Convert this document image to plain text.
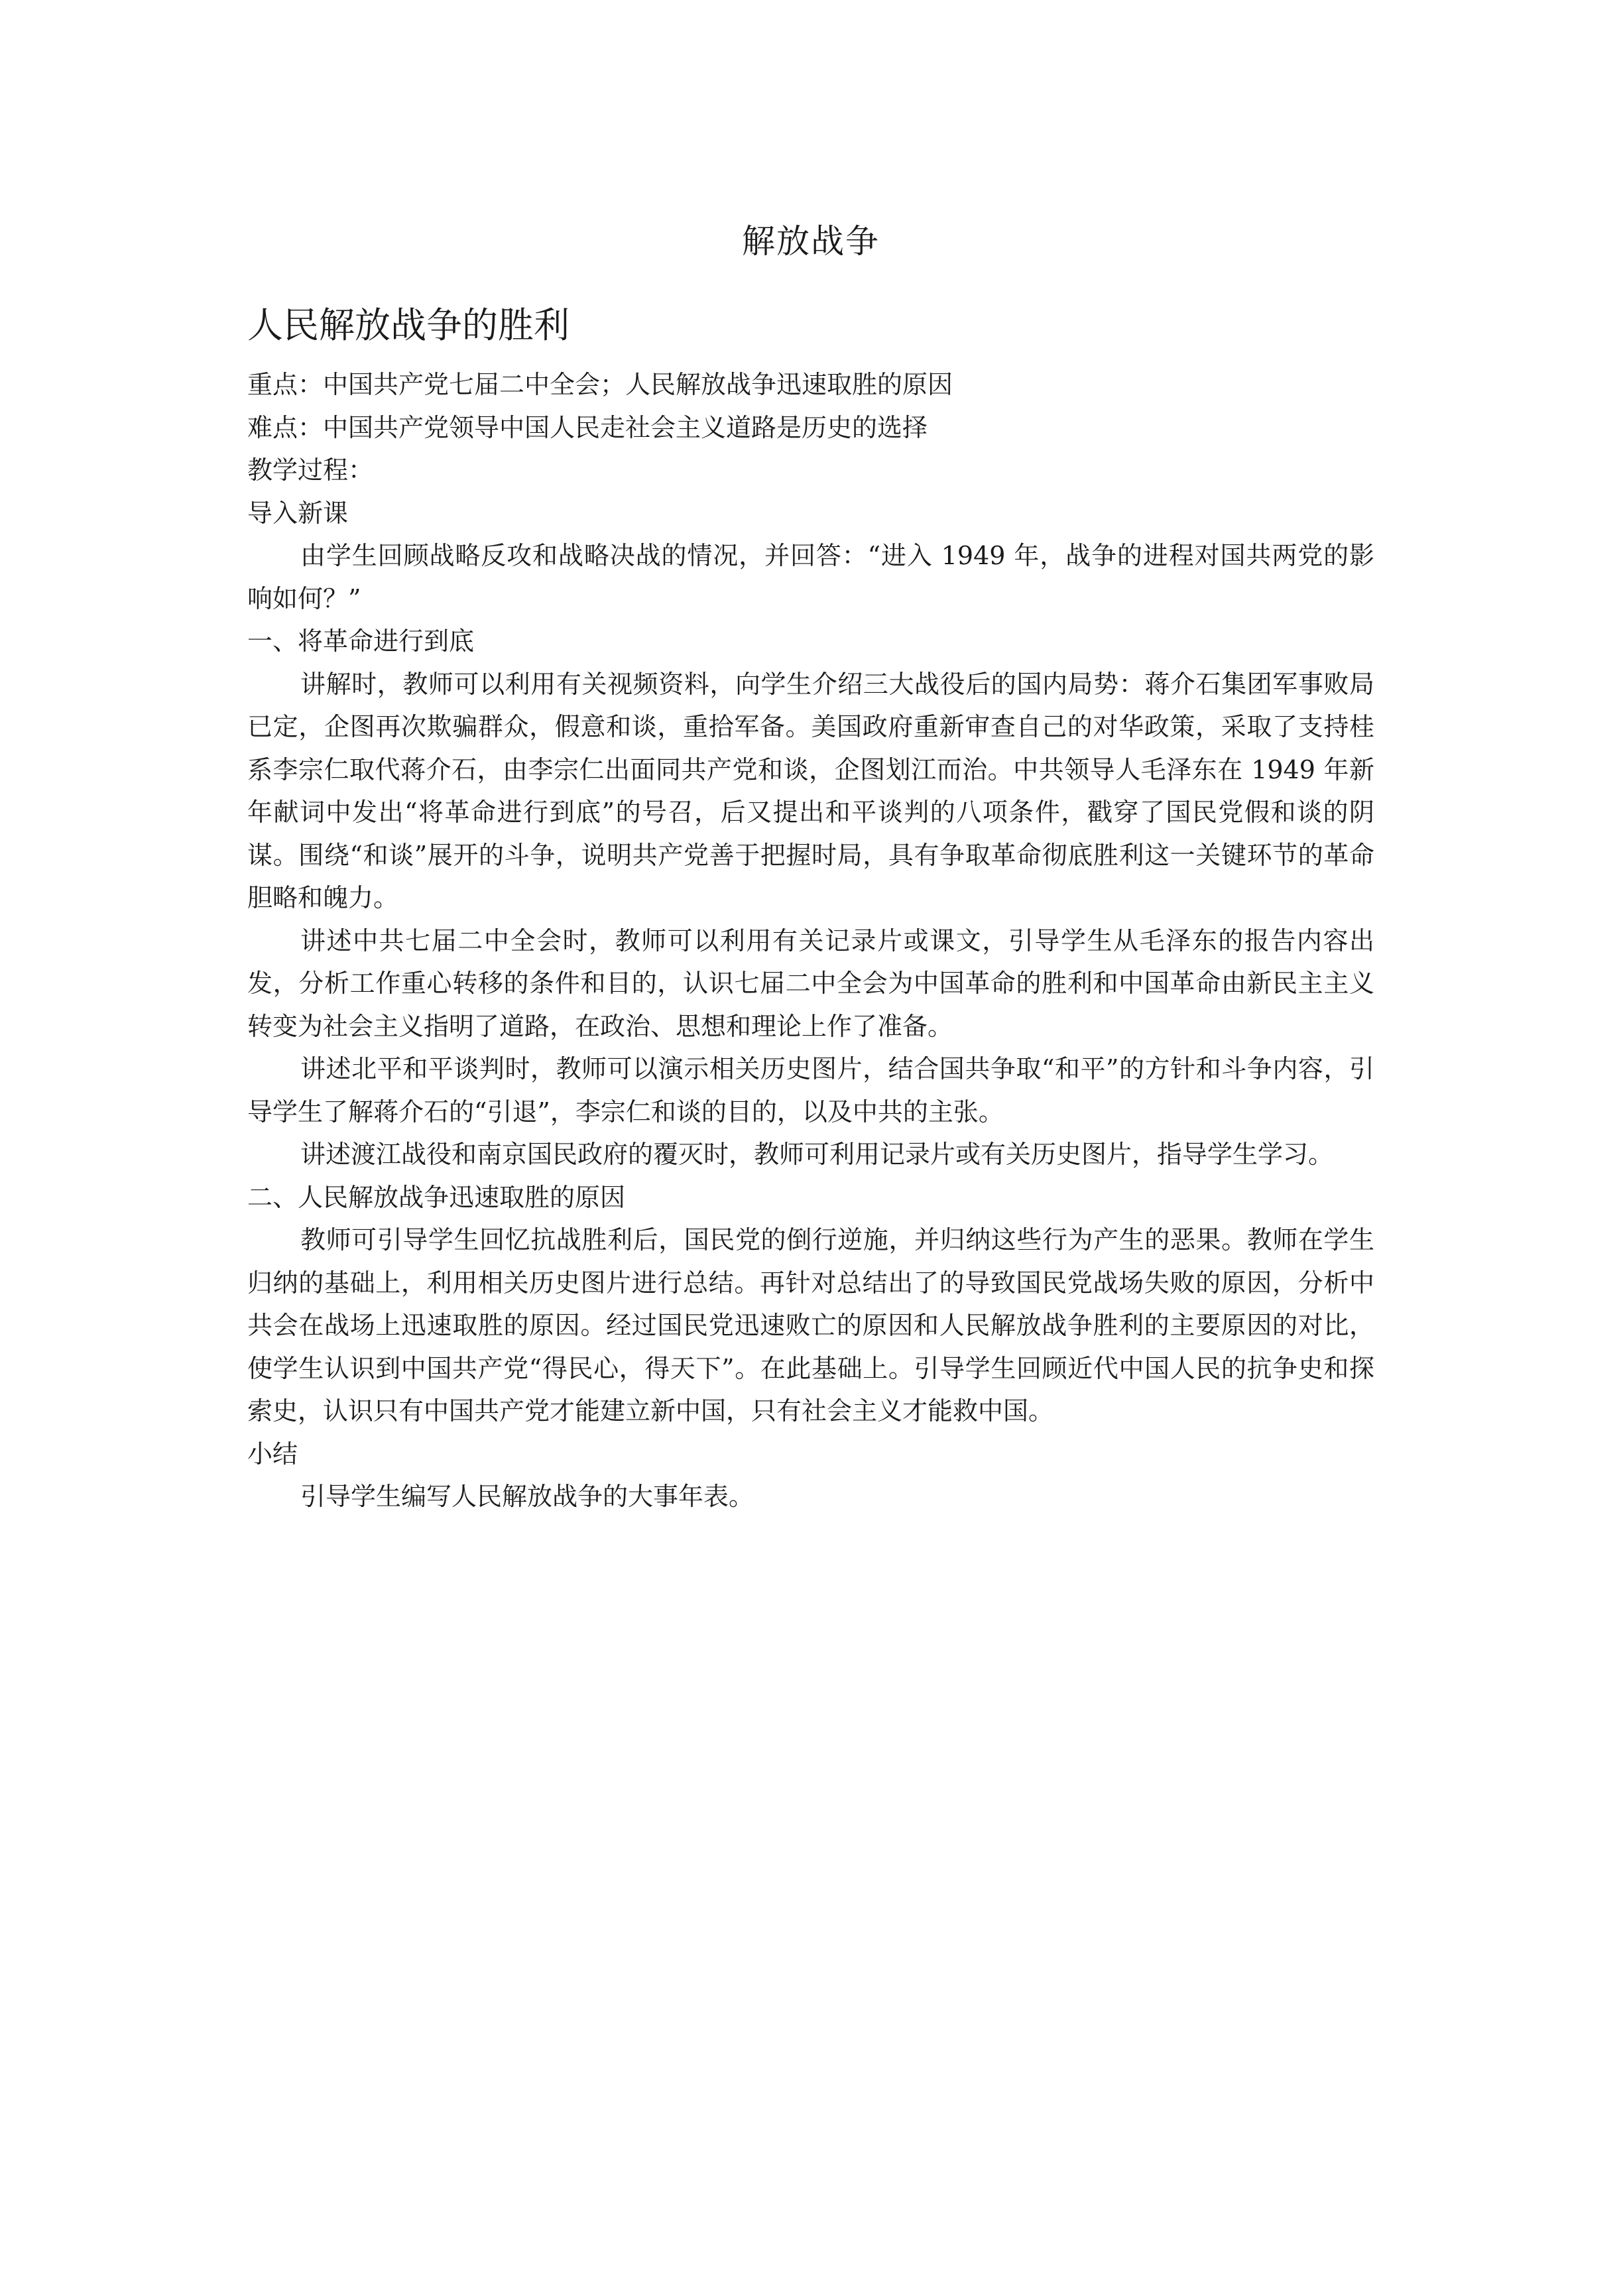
解放战争
人民解放战争的胜利

重点：中国共产党七届二中全会；人民解放战争迅速取胜的原因

难点：中国共产党领导中国人民走社会主义道路是历史的选择

教学过程：

导入新课

由学生回顾战略反攻和战略决战的情况，并回答：“进入 1949 年，战争的进程对国共两党的影响如何？”

一、将革命进行到底

讲解时，教师可以利用有关视频资料，向学生介绍三大战役后的国内局势：蒋介石集团军事败局已定，企图再次欺骗群众，假意和谈，重拾军备。美国政府重新审查自己的对华政策，采取了支持桂系李宗仁取代蒋介石，由李宗仁出面同共产党和谈，企图划江而治。中共领导人毛泽东在 1949 年新年献词中发出“将革命进行到底”的号召，后又提出和平谈判的八项条件，戳穿了国民党假和谈的阴谋。围绕“和谈”展开的斗争，说明共产党善于把握时局，具有争取革命彻底胜利这一关键环节的革命胆略和魄力。

讲述中共七届二中全会时，教师可以利用有关记录片或课文，引导学生从毛泽东的报告内容出发，分析工作重心转移的条件和目的，认识七届二中全会为中国革命的胜利和中国革命由新民主主义转变为社会主义指明了道路，在政治、思想和理论上作了准备。

讲述北平和平谈判时，教师可以演示相关历史图片，结合国共争取“和平”的方针和斗争内容，引导学生了解蒋介石的“引退”，李宗仁和谈的目的，以及中共的主张。

讲述渡江战役和南京国民政府的覆灭时，教师可利用记录片或有关历史图片，指导学生学习。

二、人民解放战争迅速取胜的原因

教师可引导学生回忆抗战胜利后，国民党的倒行逆施，并归纳这些行为产生的恶果。教师在学生归纳的基础上，利用相关历史图片进行总结。再针对总结出了的导致国民党战场失败的原因，分析中共会在战场上迅速取胜的原因。经过国民党迅速败亡的原因和人民解放战争胜利的主要原因的对比，使学生认识到中国共产党“得民心，得天下”。在此基础上。引导学生回顾近代中国人民的抗争史和探索史，认识只有中国共产党才能建立新中国，只有社会主义才能救中国。

小结

引导学生编写人民解放战争的大事年表。
